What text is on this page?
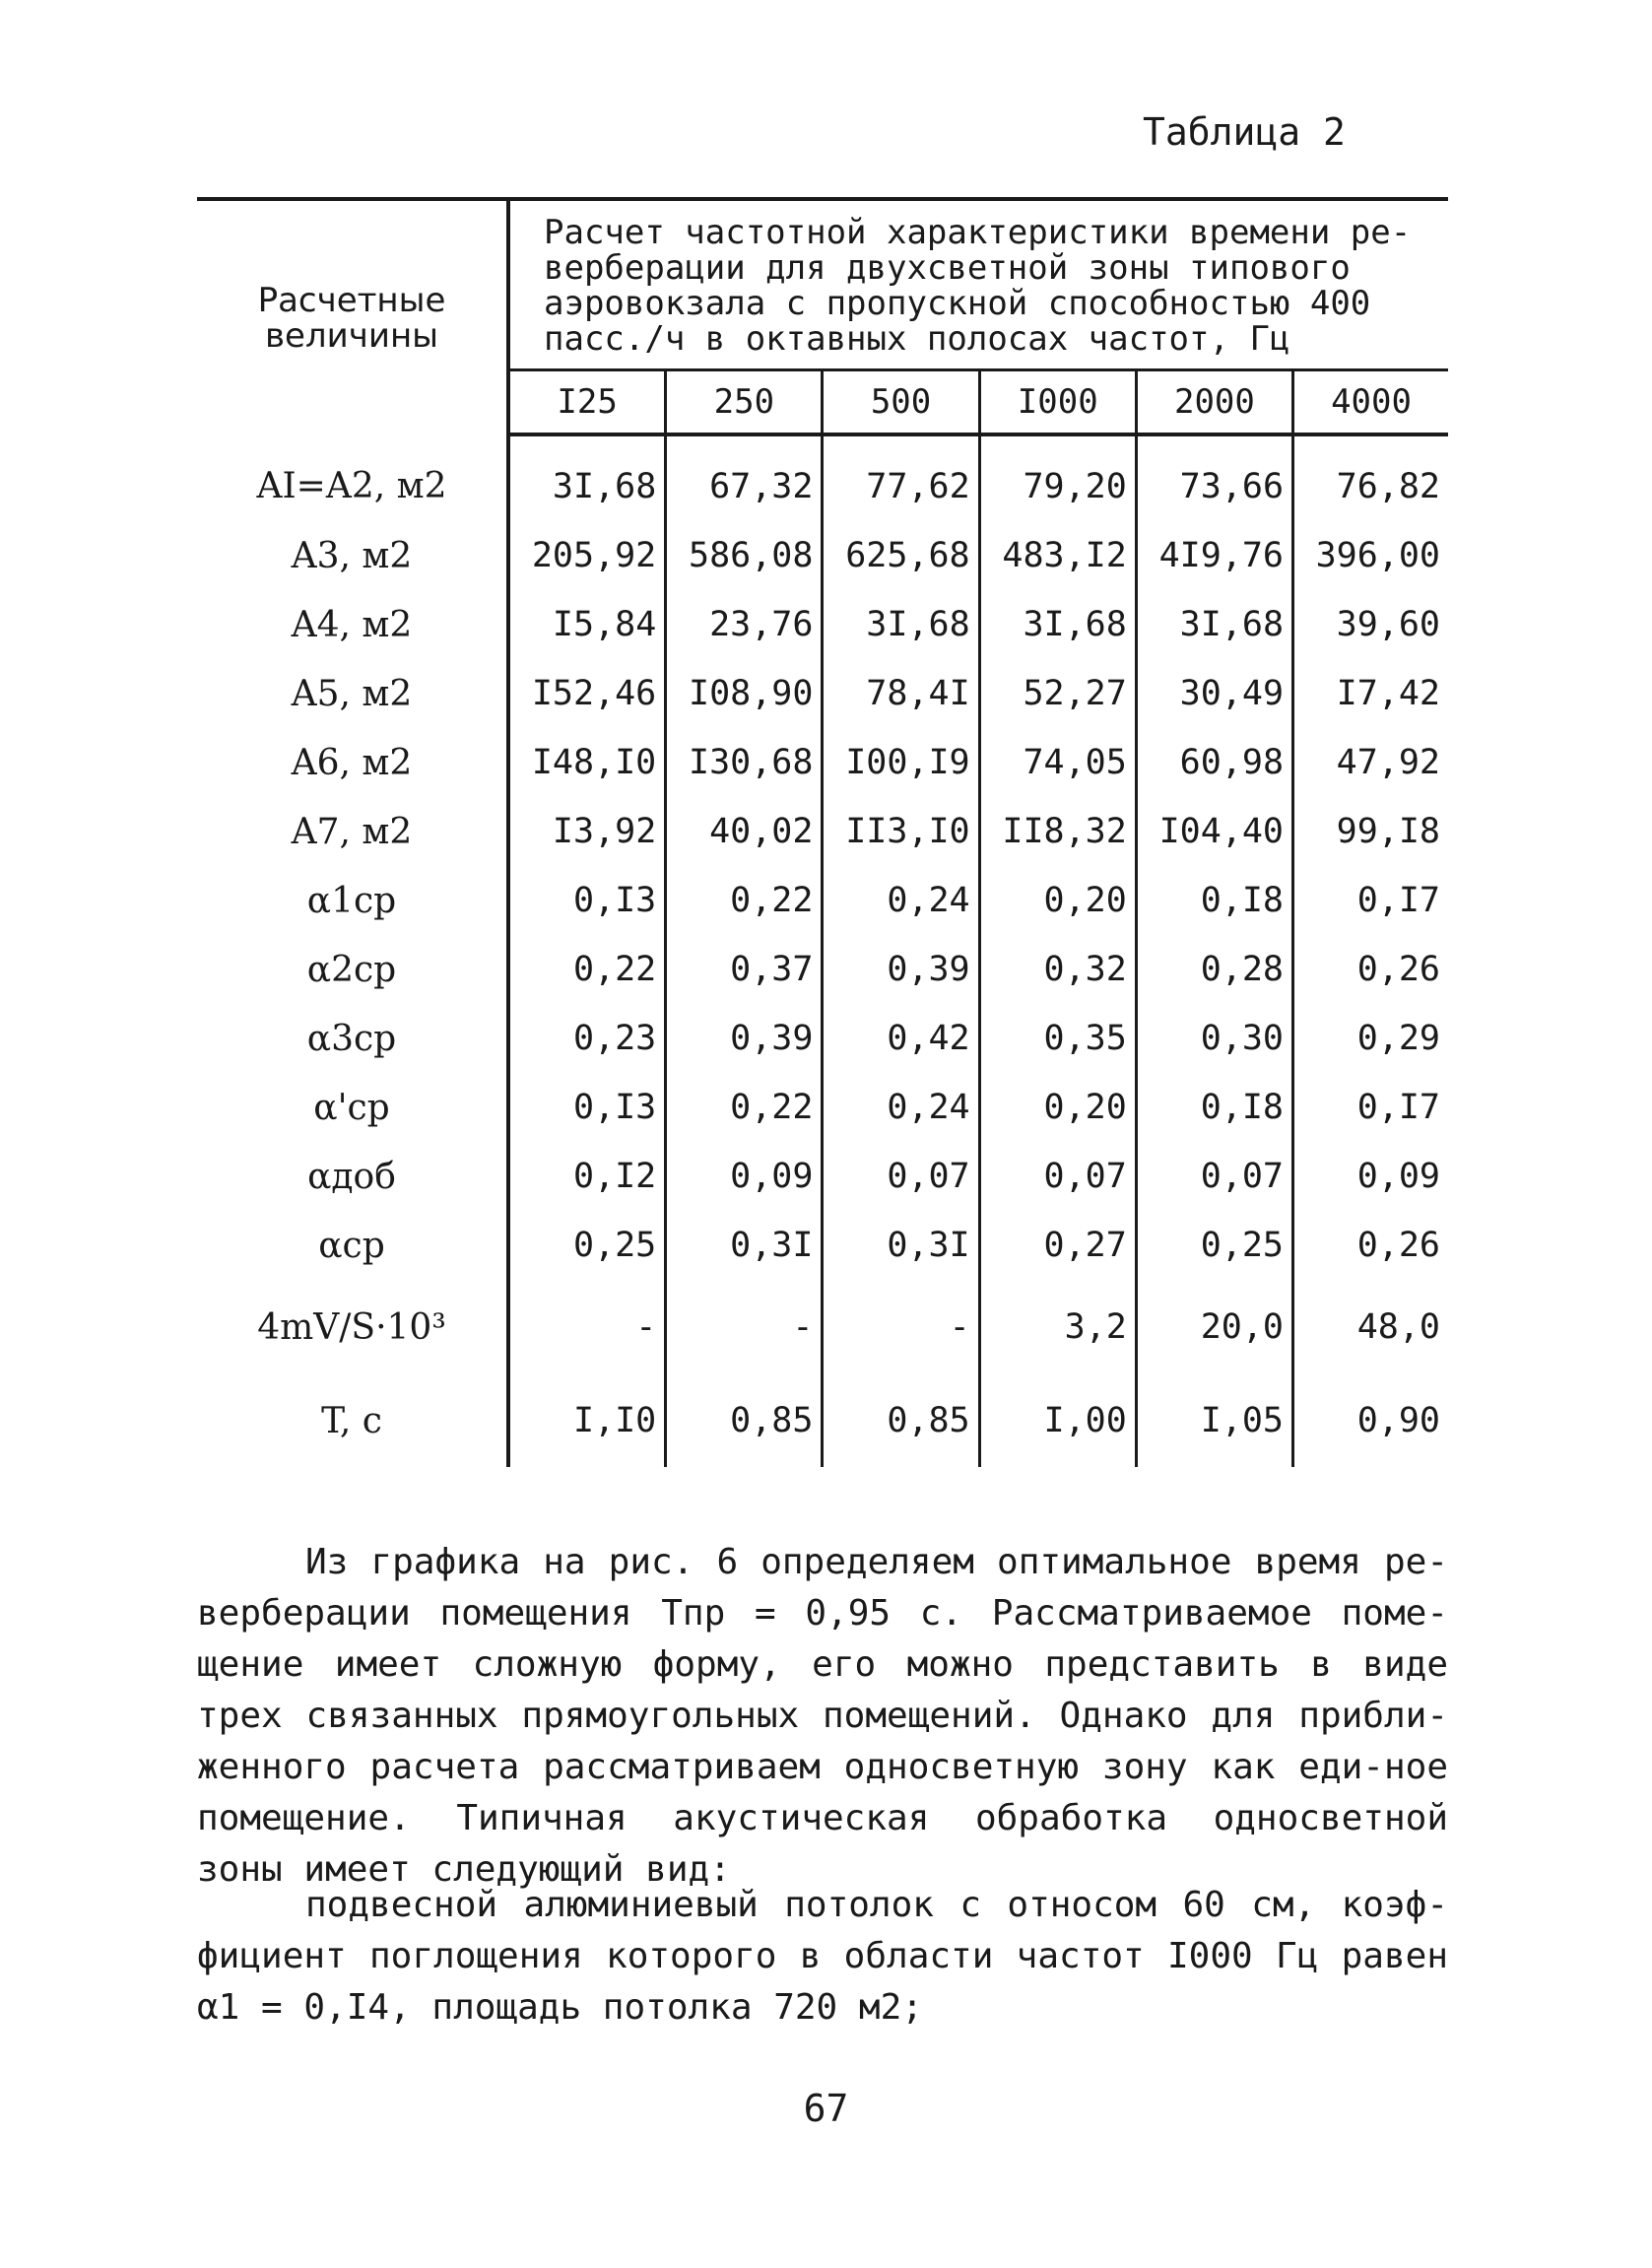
Таблица 2
Расчетные величины	Расчет частотной характеристики времени ре-верберации для двухсветной зоны типового аэровокзала с пропускной способностью 400 пасс./ч в октавных полосах частот, Гц					
	I25	250	500	I000	2000	4000
AI=A2, м2	3I,68	67,32	77,62	79,20	73,66	76,82
A3, м2	205,92	586,08	625,68	483,I2	4I9,76	396,00
A4, м2	I5,84	23,76	3I,68	3I,68	3I,68	39,60
A5, м2	I52,46	I08,90	78,4I	52,27	30,49	I7,42
A6, м2	I48,I0	I30,68	I00,I9	74,05	60,98	47,92
A7, м2	I3,92	40,02	II3,I0	II8,32	I04,40	99,I8
α1ср	0,I3	0,22	0,24	0,20	0,I8	0,I7
α2ср	0,22	0,37	0,39	0,32	0,28	0,26
α3ср	0,23	0,39	0,42	0,35	0,30	0,29
α'ср	0,I3	0,22	0,24	0,20	0,I8	0,I7
αдоб	0,I2	0,09	0,07	0,07	0,07	0,09
αср	0,25	0,3I	0,3I	0,27	0,25	0,26
4mV/S·10³	-	-	-	3,2	20,0	48,0
T, с	I,I0	0,85	0,85	I,00	I,05	0,90
Из графика на рис. 6 определяем оптимальное время ре-верберации помещения Tпр = 0,95 с. Рассматриваемое поме-щение имеет сложную форму, его можно представить в виде трех связанных прямоугольных помещений. Однако для прибли-женного расчета рассматриваем односветную зону как еди-ное помещение. Типичная акустическая обработка односветной зоны имеет следующий вид:
подвесной алюминиевый потолок с относом 60 см, коэф-фициент поглощения которого в области частот I000 Гц равен α1 = 0,I4, площадь потолка 720 м2;
67
